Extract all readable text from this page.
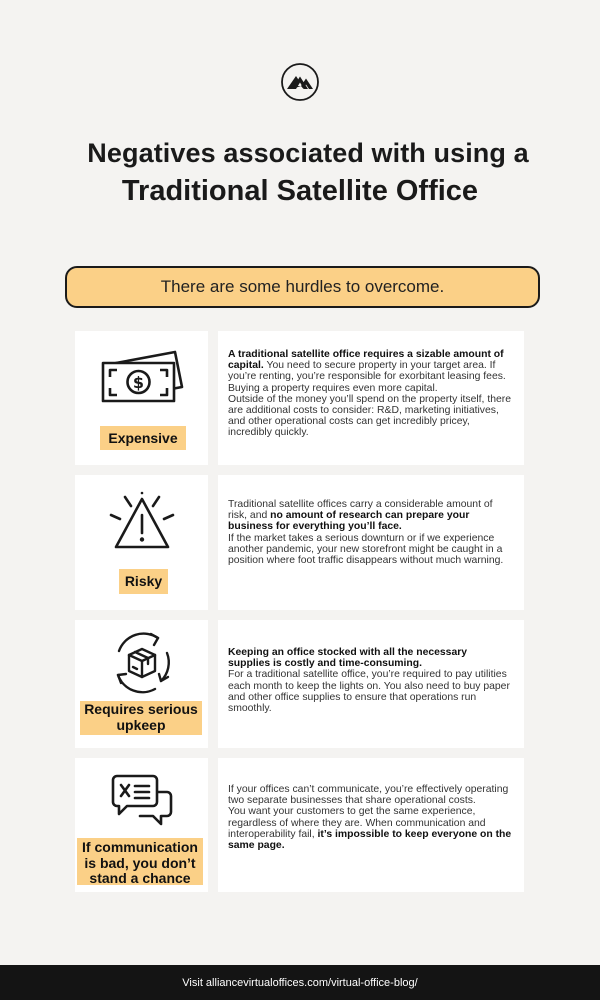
Negatives associated with using a
Traditional Satellite Office
There are some hurdles to overcome.
$
Expensive
A traditional satellite office requires a sizable amount of capital. You need to secure property in your target area. If you’re renting, you’re responsible for exorbitant leasing fees. Buying a property requires even more capital.
Outside of the money you’ll spend on the property itself, there are additional costs to consider: R&D, marketing initiatives, and other operational costs can get incredibly pricey, incredibly quickly.
Risky
Traditional satellite offices carry a considerable amount of risk, and no amount of research can prepare your business for everything you’ll face.
If the market takes a serious downturn or if we experience another pandemic, your new storefront might be caught in a position where foot traffic disappears without much warning.
Requires serious upkeep
Keeping an office stocked with all the necessary supplies is costly and time-consuming.
For a traditional satellite office, you’re required to pay utilities each month to keep the lights on. You also need to buy paper and other office supplies to ensure that operations run smoothly.
If communication is bad, you don’t stand a chance
If your offices can’t communicate, you’re effectively operating two separate businesses that share operational costs.
You want your customers to get the same experience, regardless of where they are. When communication and interoperability fail, it’s impossible to keep everyone on the same page.
Visit alliancevirtualoffices.com/virtual-office-blog/
